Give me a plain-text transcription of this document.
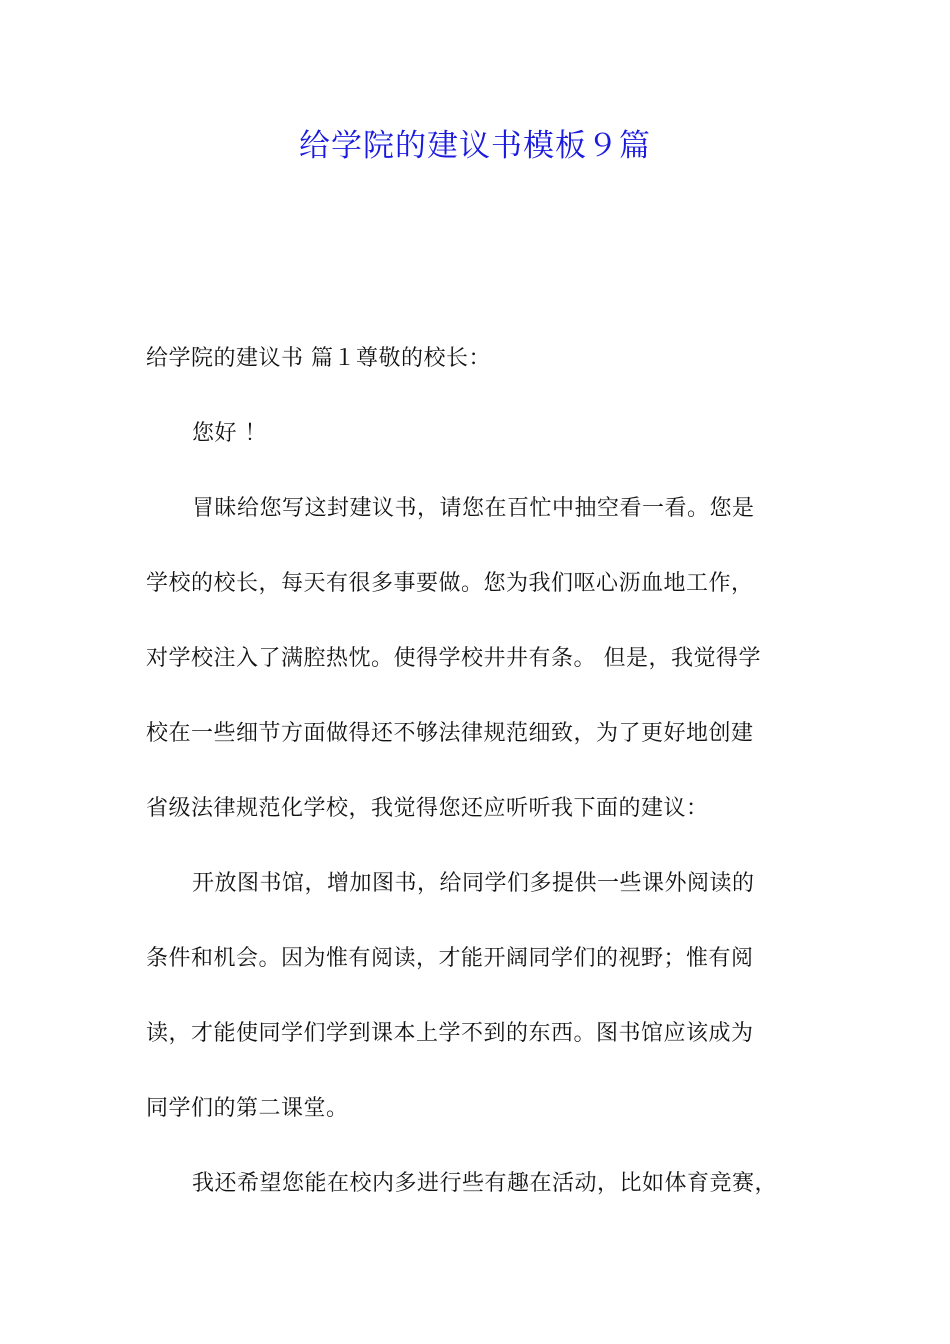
给学院的建议书模板９篇
给学院的建议书 篇１尊敬的校长：
您好 ！
冒昧给您写这封建议书，请您在百忙中抽空看一看。您是
学校的校长，每天有很多事要做。您为我们呕心沥血地工作，
对学校注入了满腔热忱。使得学校井井有条。 但是，我觉得学
校在一些细节方面做得还不够法律规范细致，为了更好地创建
省级法律规范化学校，我觉得您还应听听我下面的建议：
开放图书馆，增加图书，给同学们多提供一些课外阅读的
条件和机会。因为惟有阅读，才能开阔同学们的视野；惟有阅
读，才能使同学们学到课本上学不到的东西。图书馆应该成为
同学们的第二课堂。
我还希望您能在校内多进行些有趣在活动，比如体育竞赛，
